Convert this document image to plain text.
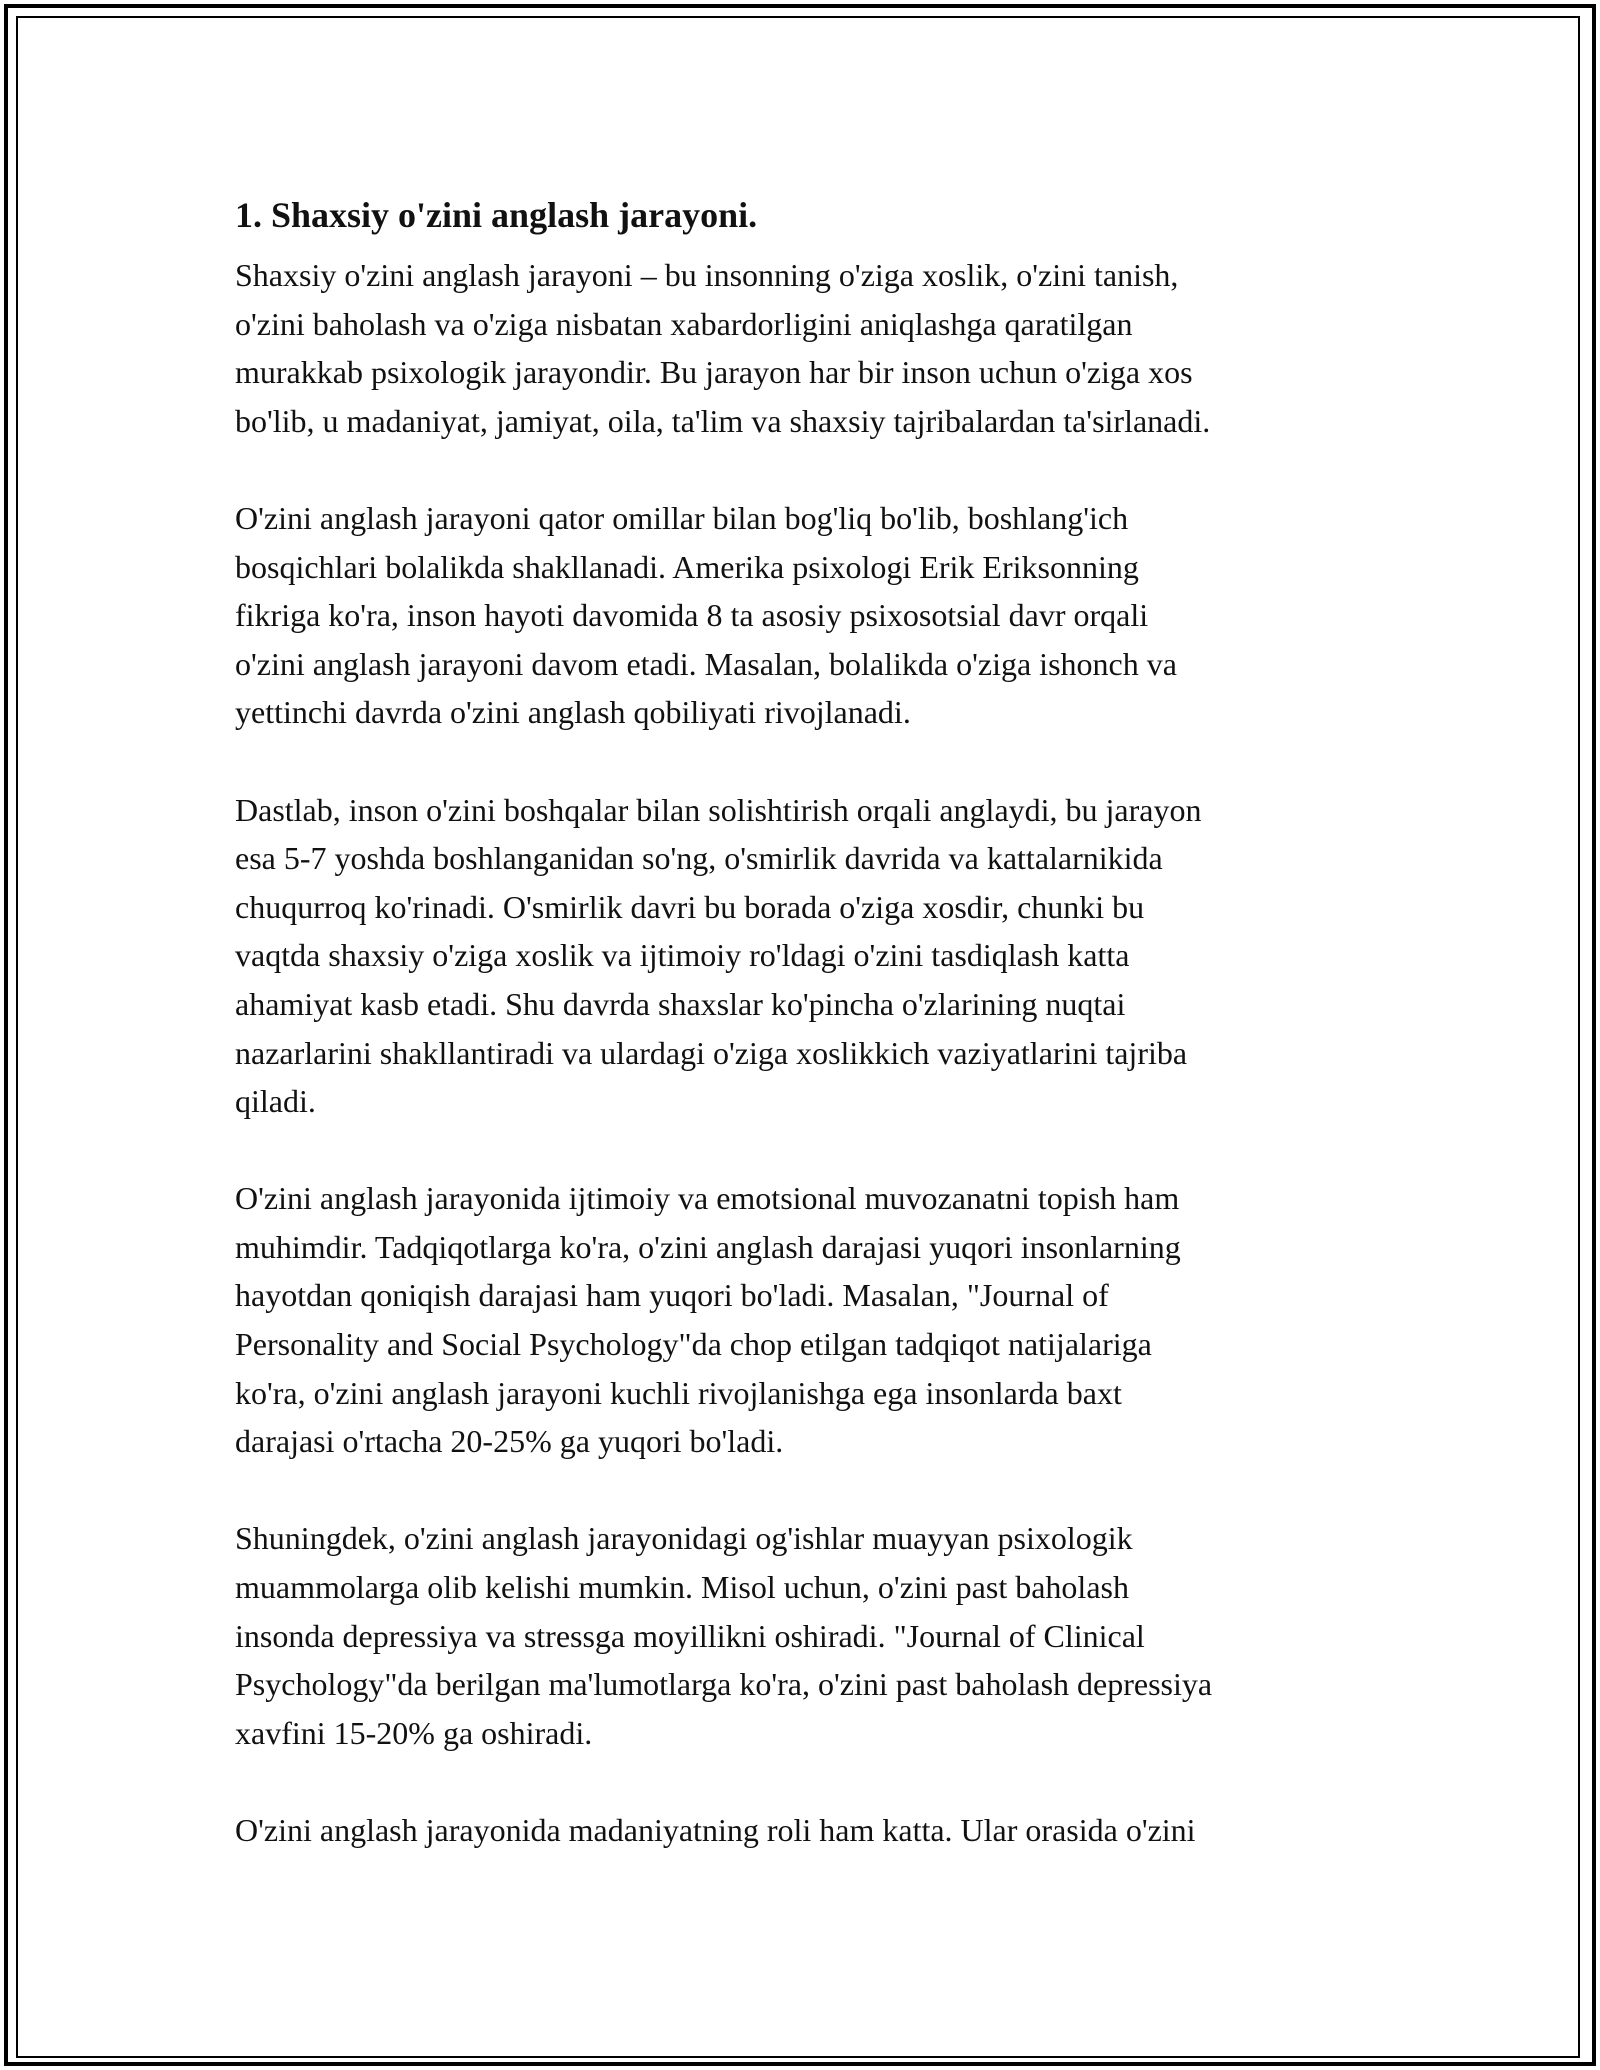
1. Shaxsiy o'zini anglash jarayoni.

Shaxsiy o'zini anglash jarayoni – bu insonning o'ziga xoslik, o'zini tanish,
o'zini baholash va o'ziga nisbatan xabardorligini aniqlashga qaratilgan
murakkab psixologik jarayondir. Bu jarayon har bir inson uchun o'ziga xos
bo'lib, u madaniyat, jamiyat, oila, ta'lim va shaxsiy tajribalardan ta'sirlanadi.

O'zini anglash jarayoni qator omillar bilan bog'liq bo'lib, boshlang'ich
bosqichlari bolalikda shakllanadi. Amerika psixologi Erik Eriksonning
fikriga ko'ra, inson hayoti davomida 8 ta asosiy psixosotsial davr orqali
o'zini anglash jarayoni davom etadi. Masalan, bolalikda o'ziga ishonch va
yettinchi davrda o'zini anglash qobiliyati rivojlanadi.

Dastlab, inson o'zini boshqalar bilan solishtirish orqali anglaydi, bu jarayon
esa 5-7 yoshda boshlanganidan so'ng, o'smirlik davrida va kattalarnikida
chuqurroq ko'rinadi. O'smirlik davri bu borada o'ziga xosdir, chunki bu
vaqtda shaxsiy o'ziga xoslik va ijtimoiy ro'ldagi o'zini tasdiqlash katta
ahamiyat kasb etadi. Shu davrda shaxslar ko'pincha o'zlarining nuqtai
nazarlarini shakllantiradi va ulardagi o'ziga xoslikkich vaziyatlarini tajriba
qiladi.

O'zini anglash jarayonida ijtimoiy va emotsional muvozanatni topish ham
muhimdir. Tadqiqotlarga ko'ra, o'zini anglash darajasi yuqori insonlarning
hayotdan qoniqish darajasi ham yuqori bo'ladi. Masalan, "Journal of
Personality and Social Psychology"da chop etilgan tadqiqot natijalariga
ko'ra, o'zini anglash jarayoni kuchli rivojlanishga ega insonlarda baxt
darajasi o'rtacha 20-25% ga yuqori bo'ladi.

Shuningdek, o'zini anglash jarayonidagi og'ishlar muayyan psixologik
muammolarga olib kelishi mumkin. Misol uchun, o'zini past baholash
insonda depressiya va stressga moyillikni oshiradi. "Journal of Clinical
Psychology"da berilgan ma'lumotlarga ko'ra, o'zini past baholash depressiya
xavfini 15-20% ga oshiradi.

O'zini anglash jarayonida madaniyatning roli ham katta. Ular orasida o'zini
